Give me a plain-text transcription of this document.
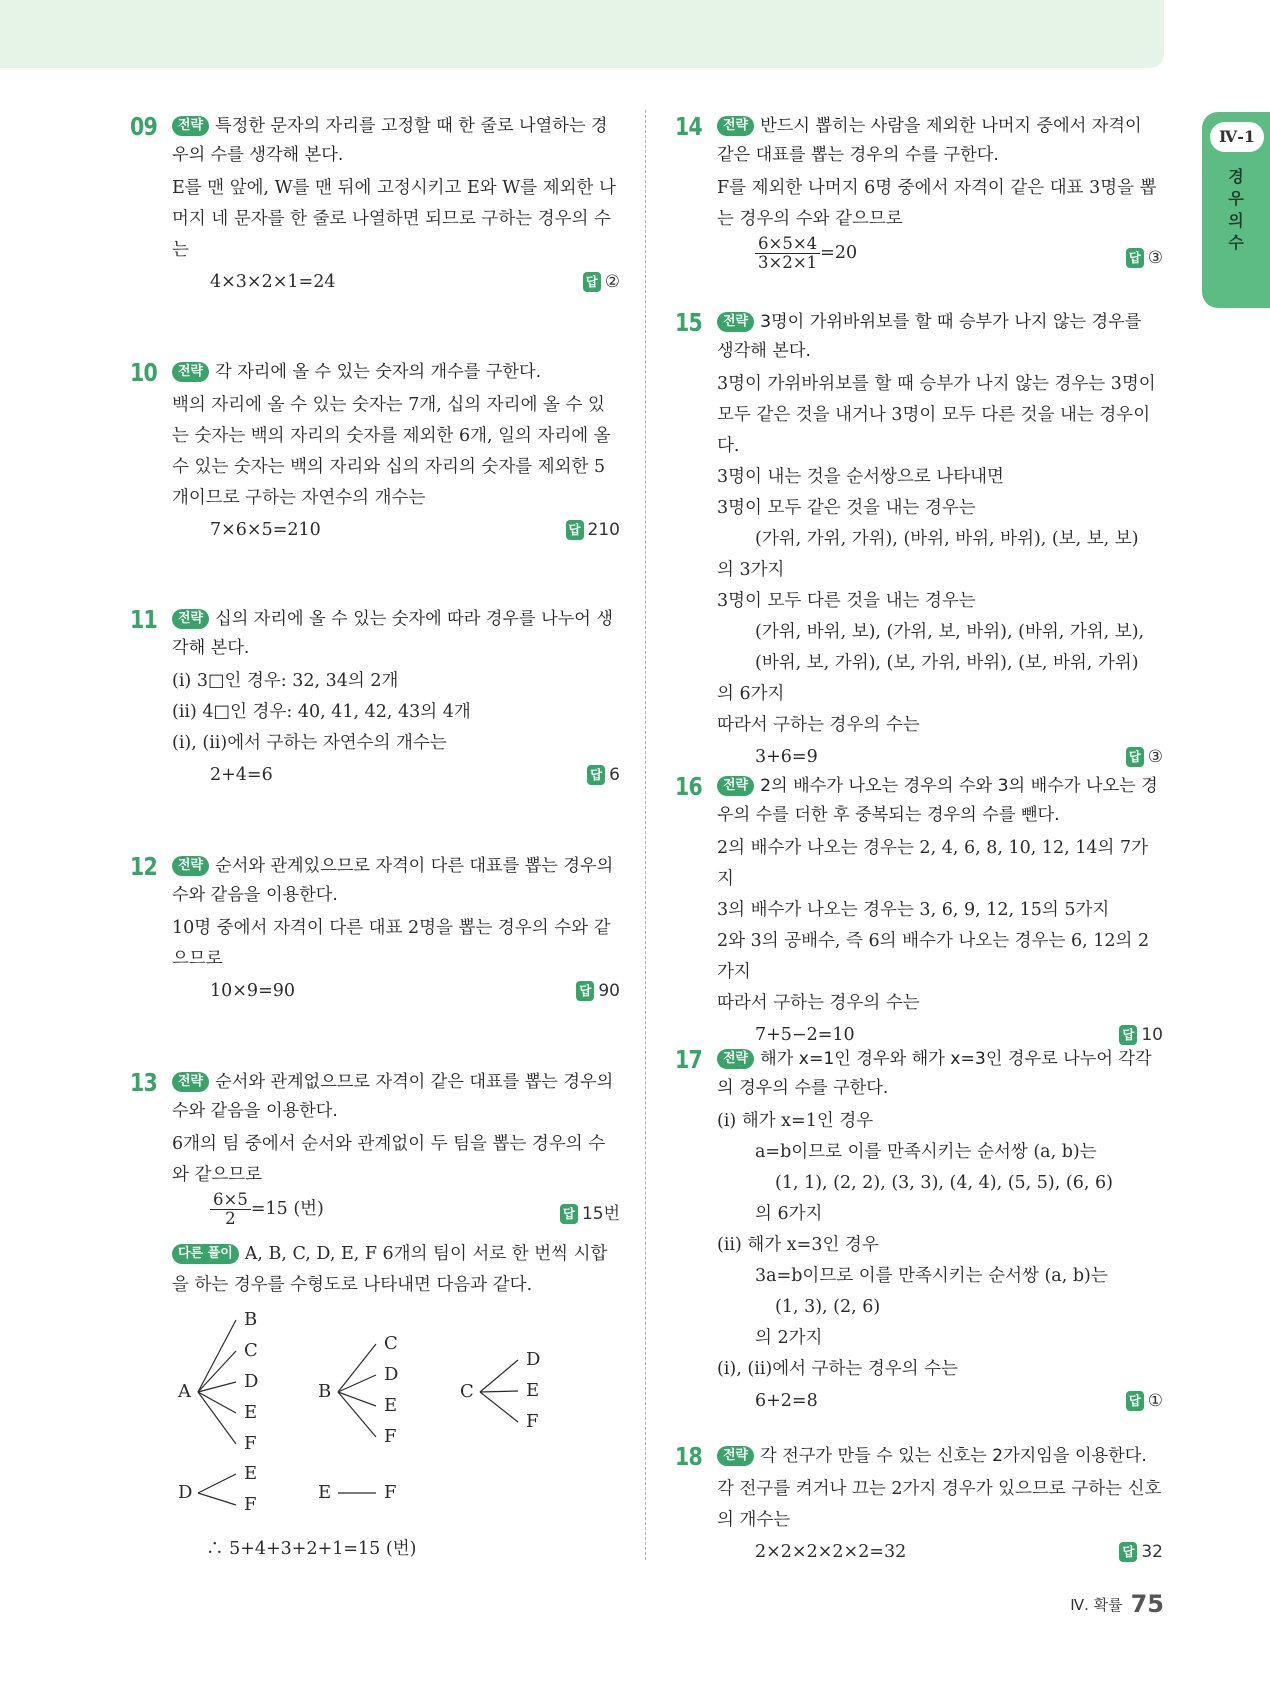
Ⅳ-1
경우의 수
09	전략 특정한 문자의 자리를 고정할 때 한 줄로 나열하는 경우의 수를 생각해 본다.
E를 맨 앞에, W를 맨 뒤에 고정시키고 E와 W를 제외한 나머지 네 문자를 한 줄로 나열하면 되므로 구하는 경우의 수는
4×3×2×1=24	답 ②
10	전략 각 자리에 올 수 있는 숫자의 개수를 구한다.
백의 자리에 올 수 있는 숫자는 7개, 십의 자리에 올 수 있는 숫자는 백의 자리의 숫자를 제외한 6개, 일의 자리에 올 수 있는 숫자는 백의 자리와 십의 자리의 숫자를 제외한 5개이므로 구하는 자연수의 개수는
7×6×5=210	답 210
11	전략 십의 자리에 올 수 있는 숫자에 따라 경우를 나누어 생각해 본다.
(i) 3□인 경우: 32, 34의 2개
(ii) 4□인 경우: 40, 41, 42, 43의 4개
(i), (ii)에서 구하는 자연수의 개수는
2+4=6	답 6
12	전략 순서와 관계있으므로 자격이 다른 대표를 뽑는 경우의 수와 같음을 이용한다.
10명 중에서 자격이 다른 대표 2명을 뽑는 경우의 수와 같으므로
10×9=90	답 90
13	전략 순서와 관계없으므로 자격이 같은 대표를 뽑는 경우의 수와 같음을 이용한다.
6개의 팀 중에서 순서와 관계없이 두 팀을 뽑는 경우의 수와 같으므로
$\frac{6\times 5}{2} =15$ (번)	답 15번
다른 풀이 A, B, C, D, E, F 6개의 팀이 서로 한 번씩 시합을 하는 경우를 수형도로 나타내면 다음과 같다.
A
B
C
D
E
F
B
C
D
E
F
C
D
E
F
D
E
F
E	F
∴ 5+4+3+2+1=15 (번)
14	전략 반드시 뽑히는 사람을 제외한 나머지 중에서 자격이 같은 대표를 뽑는 경우의 수를 구한다.
F를 제외한 나머지 6명 중에서 자격이 같은 대표 3명을 뽑는 경우의 수와 같으므로
$\frac{6\times 5\times 4}{3\times 2\times 1} =20$	답 ③
15	전략 3명이 가위바위보를 할 때 승부가 나지 않는 경우를 생각해 본다.
3명이 가위바위보를 할 때 승부가 나지 않는 경우는 3명이 모두 같은 것을 내거나 3명이 모두 다른 것을 내는 경우이다.
3명이 내는 것을 순서쌍으로 나타내면
3명이 모두 같은 것을 내는 경우는
(가위, 가위, 가위), (바위, 바위, 바위), (보, 보, 보)
의 3가지
3명이 모두 다른 것을 내는 경우는
(가위, 바위, 보), (가위, 보, 바위), (바위, 가위, 보),
(바위, 보, 가위), (보, 가위, 바위), (보, 바위, 가위)
의 6가지
따라서 구하는 경우의 수는
3+6=9	답 ③
16	전략 2의 배수가 나오는 경우의 수와 3의 배수가 나오는 경우의 수를 더한 후 중복되는 경우의 수를 뺀다.
2의 배수가 나오는 경우는 2, 4, 6, 8, 10, 12, 14의 7가지
3의 배수가 나오는 경우는 3, 6, 9, 12, 15의 5가지
2와 3의 공배수, 즉 6의 배수가 나오는 경우는 6, 12의 2가지
따라서 구하는 경우의 수는
7+5−2=10	답 10
17	전략 해가 x=1인 경우와 해가 x=3인 경우로 나누어 각각의 경우의 수를 구한다.
(i) 해가 x=1인 경우
a=b이므로 이를 만족시키는 순서쌍 (a, b)는
(1, 1), (2, 2), (3, 3), (4, 4), (5, 5), (6, 6)
의 6가지
(ii) 해가 x=3인 경우
3a=b이므로 이를 만족시키는 순서쌍 (a, b)는
(1, 3), (2, 6)
의 2가지
(i), (ii)에서 구하는 경우의 수는
6+2=8	답 ①
18	전략 각 전구가 만들 수 있는 신호는 2가지임을 이용한다.
각 전구를 켜거나 끄는 2가지 경우가 있으므로 구하는 신호의 개수는
2×2×2×2×2=32	답 32
Ⅳ. 확률 75
